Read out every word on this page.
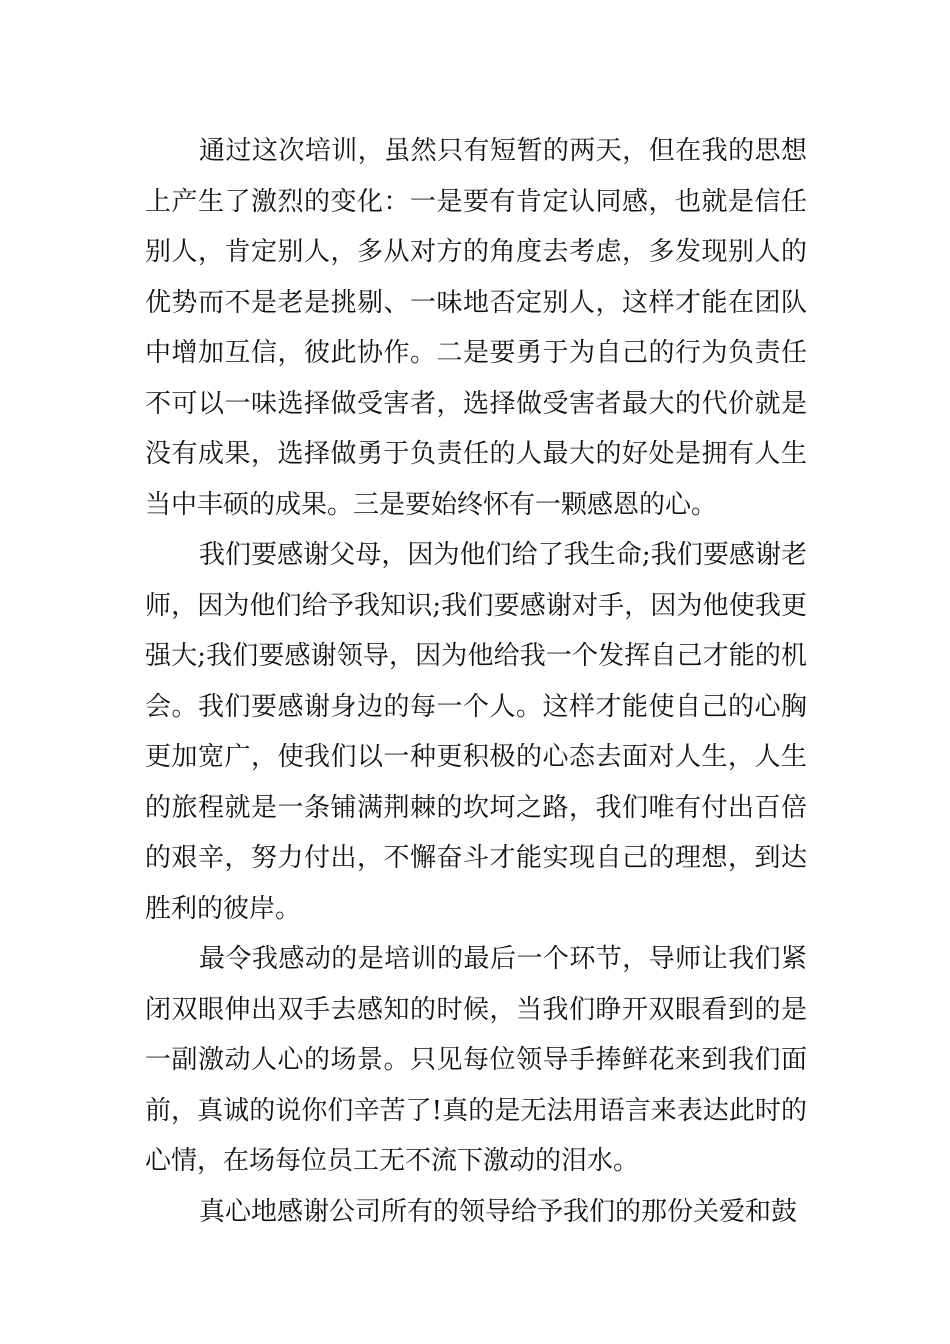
通过这次培训，虽然只有短暂的两天，但在我的思想上产生了激烈的变化：一是要有肯定认同感，也就是信任别人，肯定别人，多从对方的角度去考虑，多发现别人的优势而不是老是挑剔、一味地否定别人，这样才能在团队中增加互信，彼此协作。二是要勇于为自己的行为负责任不可以一味选择做受害者，选择做受害者最大的代价就是没有成果，选择做勇于负责任的人最大的好处是拥有人生当中丰硕的成果。三是要始终怀有一颗感恩的心。

我们要感谢父母，因为他们给了我生命;我们要感谢老师，因为他们给予我知识;我们要感谢对手，因为他使我更强大;我们要感谢领导，因为他给我一个发挥自己才能的机会。我们要感谢身边的每一个人。这样才能使自己的心胸更加宽广，使我们以一种更积极的心态去面对人生，人生的旅程就是一条铺满荆棘的坎坷之路，我们唯有付出百倍的艰辛，努力付出，不懈奋斗才能实现自己的理想，到达胜利的彼岸。

最令我感动的是培训的最后一个环节，导师让我们紧闭双眼伸出双手去感知的时候，当我们睁开双眼看到的是一副激动人心的场景。只见每位领导手捧鲜花来到我们面前，真诚的说你们辛苦了!真的是无法用语言来表达此时的心情，在场每位员工无不流下激动的泪水。

真心地感谢公司所有的领导给予我们的那份关爱和鼓
